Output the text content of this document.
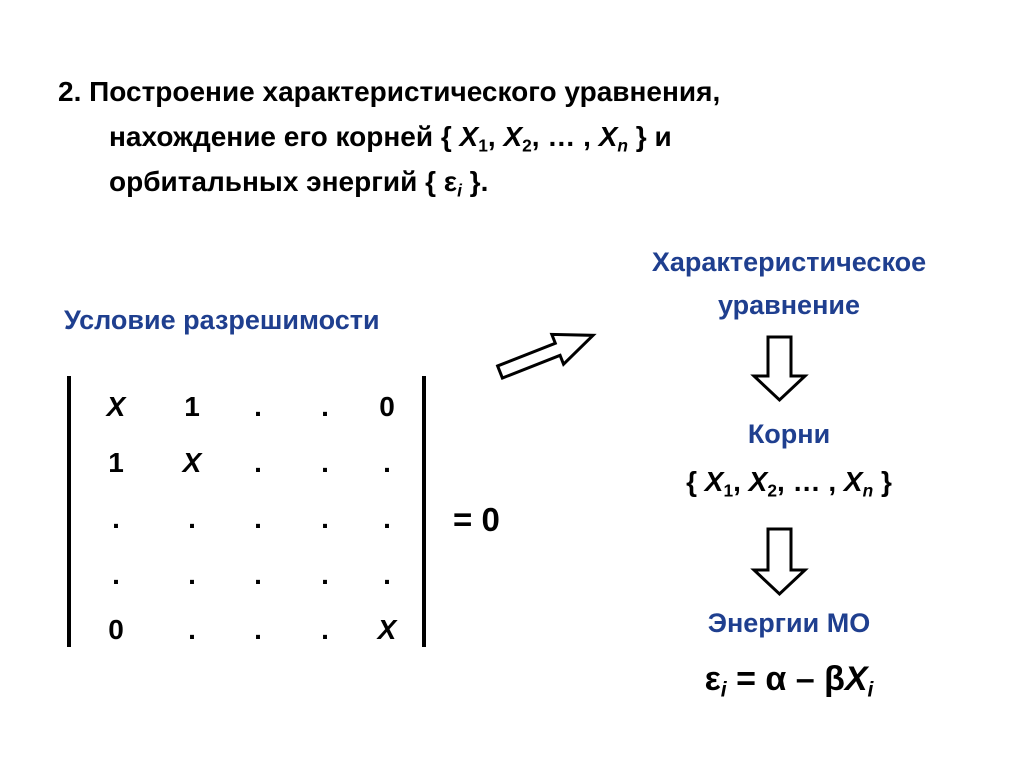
2. Построение характеристического уравнения,
нахождение его корней { $X_1$, $X_2$, … , $X_n$ } и
орбитальных энергий { $\varepsilon_i$ }.
Условие разрешимости
X	1	.	.	0
1	X	.	.	.
.	.	.	.	.
.	.	.	.	.
0	.	.	.	X
= 0
Характеристическое
уравнение
Корни
{ $X_1$, $X_2$, … , $X_n$ }
Энергии МО
$\varepsilon_i = \alpha - \beta X_i$
